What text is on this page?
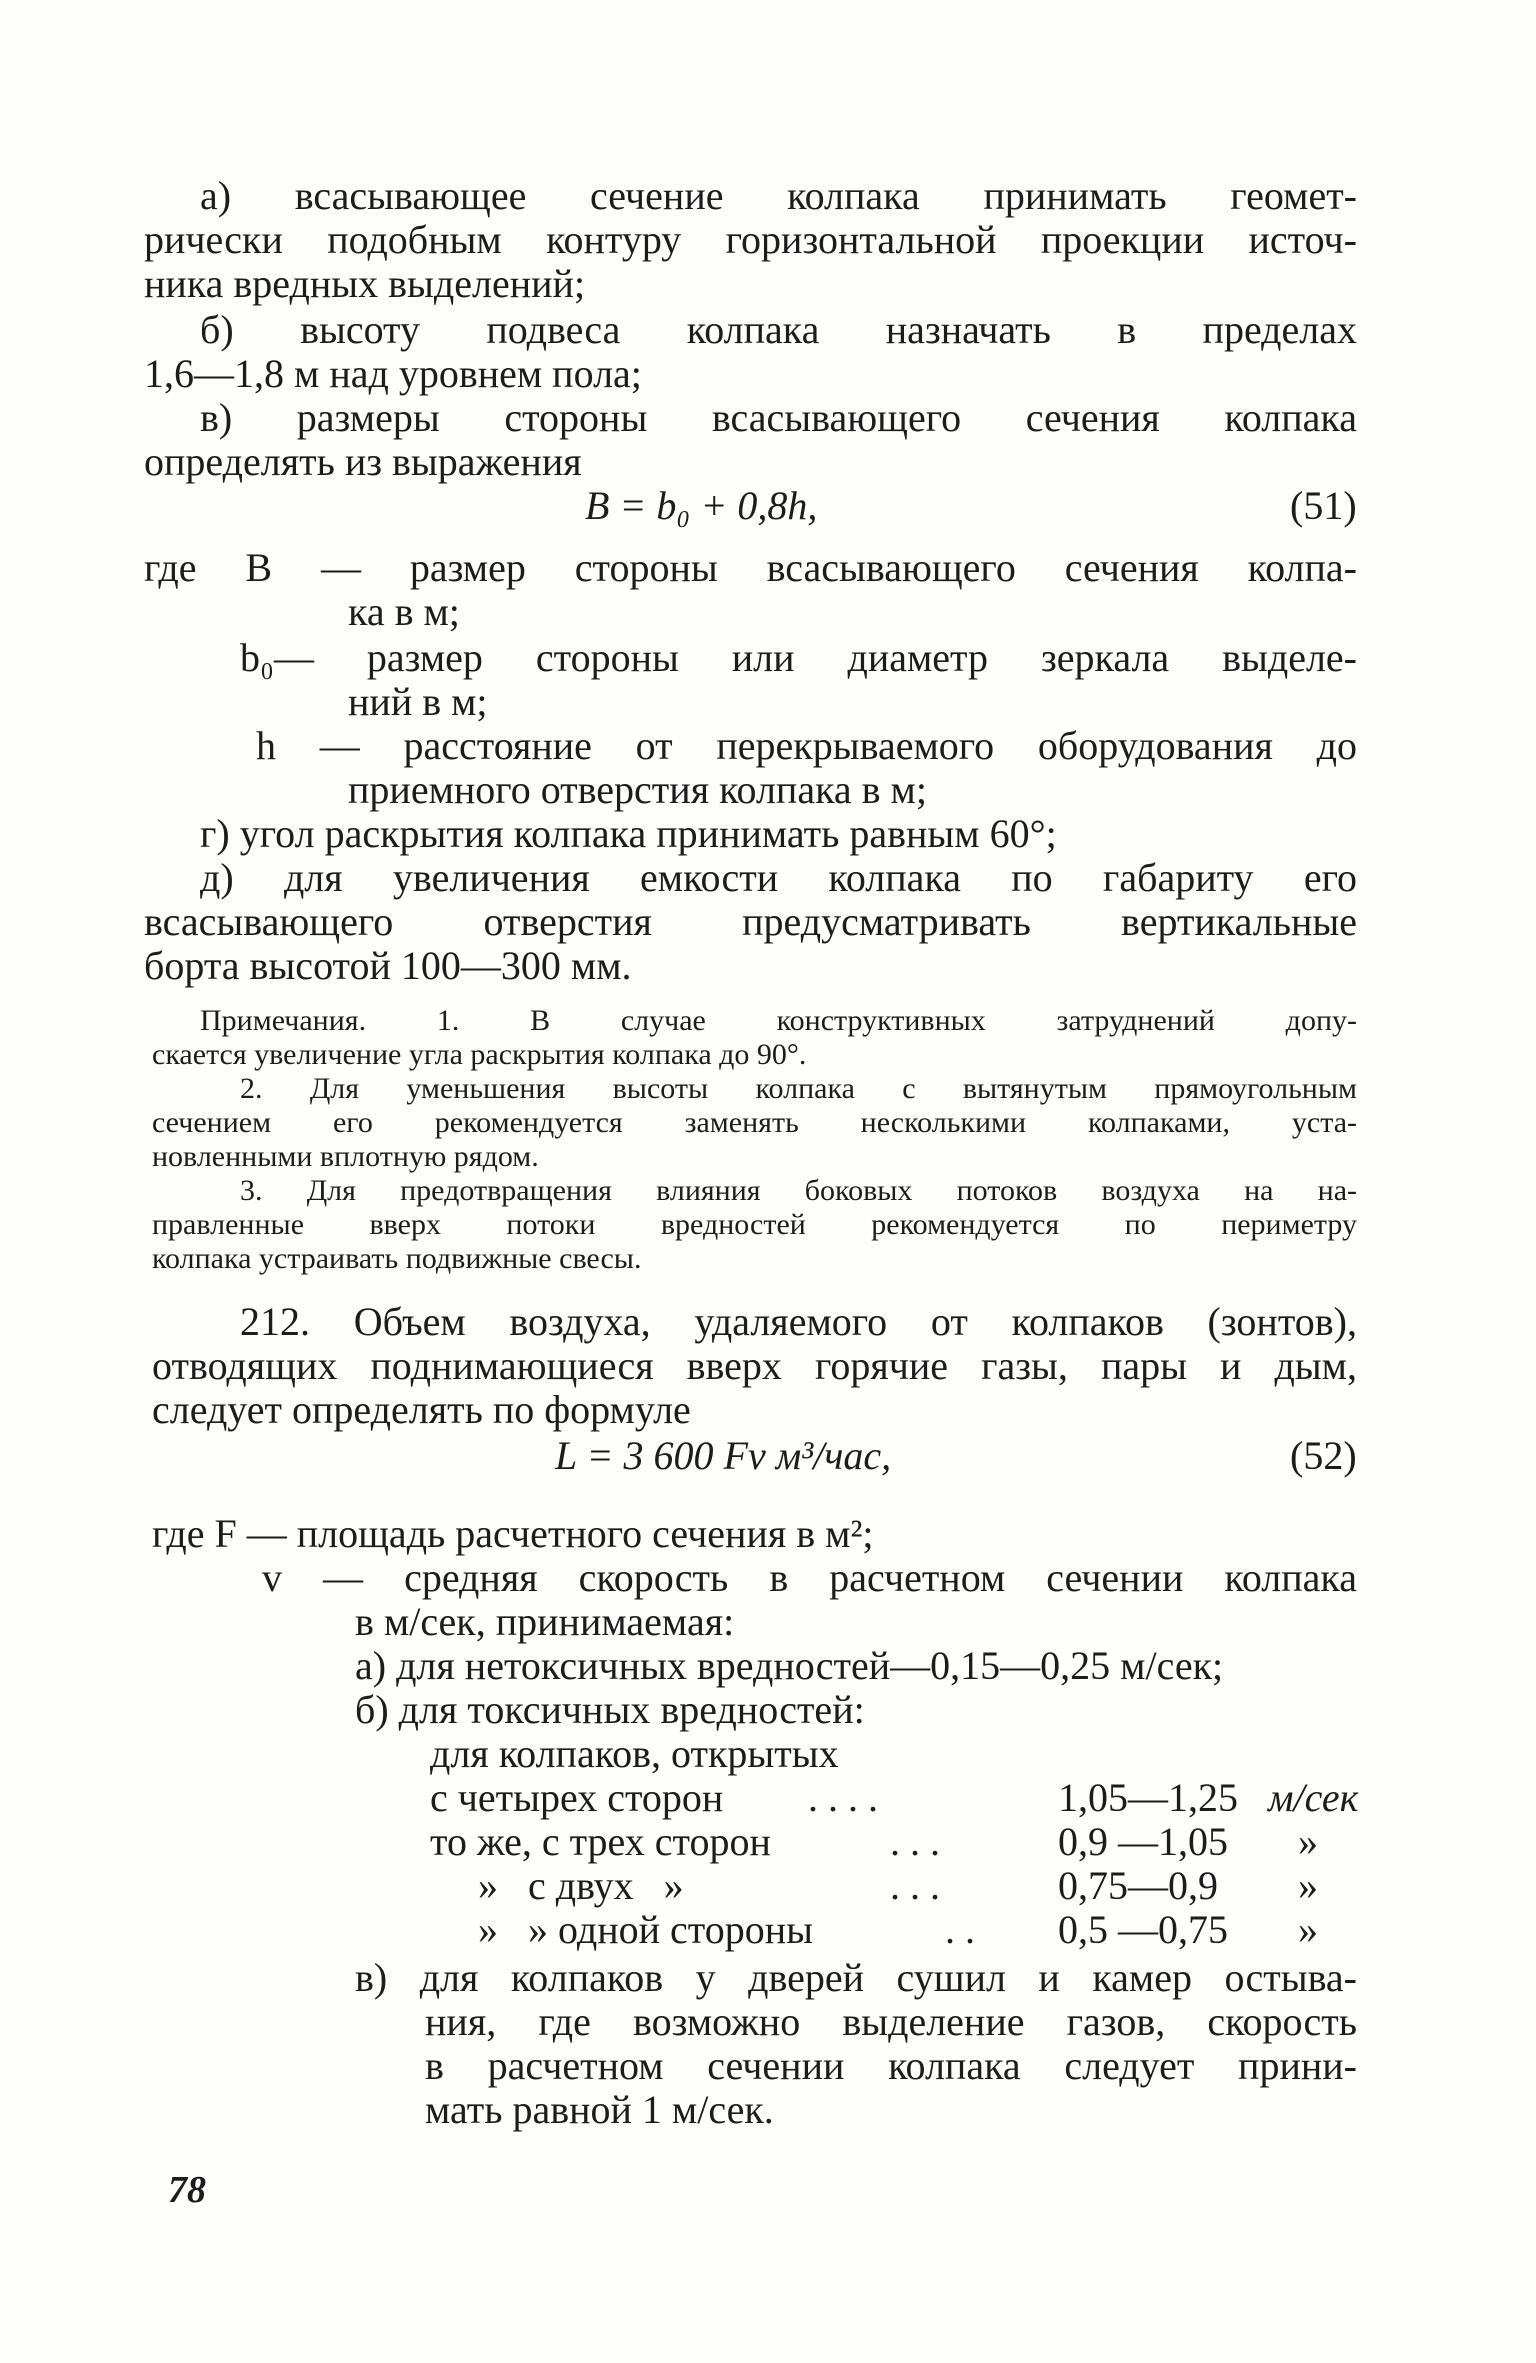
а) всасывающее сечение колпака принимать геомет-
рически подобным контуру горизонтальной проекции источ-
ника вредных выделений;
б) высоту подвеса колпака назначать в пределах
1,6—1,8 м над уровнем пола;
в) размеры стороны всасывающего сечения колпака
определять из выражения
B = b₀ + 0,8h,	(51)
где B — размер стороны всасывающего сечения колпа-
ка в м;
b₀— размер стороны или диаметр зеркала выделе-
ний в м;
h — расстояние от перекрываемого оборудования до
приемного отверстия колпака в м;
г) угол раскрытия колпака принимать равным 60°;
д) для увеличения емкости колпака по габариту его
всасывающего отверстия предусматривать вертикальные
борта высотой 100—300 мм.
Примечания. 1. В случае конструктивных затруднений допу-
скается увеличение угла раскрытия колпака до 90°.
2. Для уменьшения высоты колпака с вытянутым прямоугольным
сечением его рекомендуется заменять несколькими колпаками, уста-
новленными вплотную рядом.
3. Для предотвращения влияния боковых потоков воздуха на на-
правленные вверх потоки вредностей рекомендуется по периметру
колпака устраивать подвижные свесы.
212. Объем воздуха, удаляемого от колпаков (зонтов),
отводящих поднимающиеся вверх горячие газы, пары и дым,
следует определять по формуле
L = 3 600 Fv м³/час,	(52)
где F — площадь расчетного сечения в м²;
v — средняя скорость в расчетном сечении колпака
в м/сек, принимаемая:
а) для нетоксичных вредностей—0,15—0,25 м/сек;
б) для токсичных вредностей:
для колпаков, открытых
с четырех сторон . . . .	1,05—1,25 м/сек
то же, с трех сторон	. . .	0,9 —1,05 »
»   с двух   »	. . .	0,75—0,9 »
»   » одной стороны	. . 0,5 —0,75 »
в) для колпаков у дверей сушил и камер остыва-
ния, где возможно выделение газов, скорость
в расчетном сечении колпака следует прини-
мать равной 1 м/сек.
78
